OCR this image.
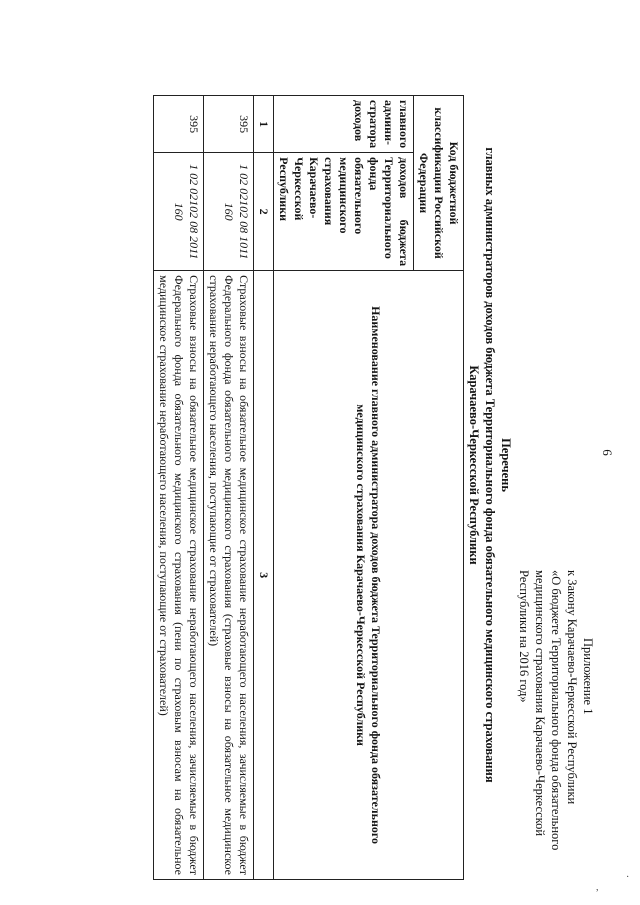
6
Приложение 1
к Закону Карачаево-Черкесской Республики
«О бюджете Территориального фонда обязательного
медицинского страхования Карачаево-Черкесской
Республики на 2016 год»
Перечень
главных администраторов доходов бюджета Территориального фонда обязательного медицинского страхования
Карачаево-Черкесской Республики
Код бюджетной классификации Российской Федерации		Наименование главного администратора доходов бюджета Территориального фонда обязательного медицинского страхования Карачаево-Черкесской Республики
главного админи-стратора доходов	доходов бюджета Территориального фонда обязательного медицинского страхования Карачаево-Черкесской Республики	
1	2	3
395	1 02 02102 08 1011 160	Страховые взносы на обязательное медицинское страхование неработающего населения, зачисляемые в бюджет Федерального фонда обязательного медицинского страхования (страховые взносы на обязательное медицинское страхование неработающего населения, поступающие от страхователей)
395	1 02 02102 08 2011 160	Страховые взносы на обязательное медицинское страхование неработающего населения, зачисляемые в бюджет Федерального фонда обязательного медицинского страхования (пени по страховым взносам на обязательное медицинское страхование неработающего населения, поступающие от страхователей)
,
·
